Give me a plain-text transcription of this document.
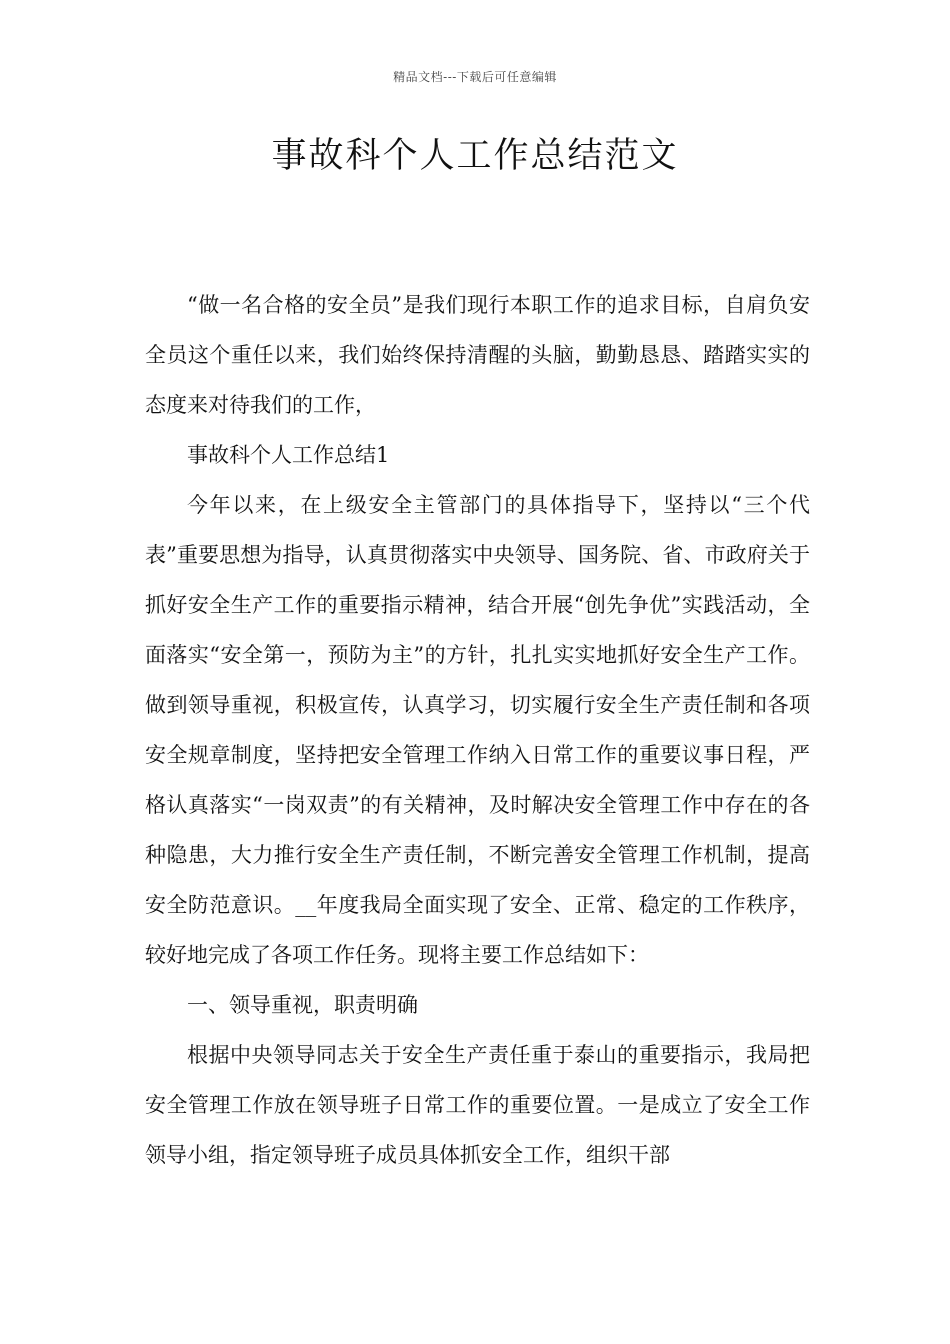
精品文档---下载后可任意编辑
事故科个人工作总结范文

“做一名合格的安全员”是我们现行本职工作的追求目标，自肩负安全员这个重任以来，我们始终保持清醒的头脑，勤勤恳恳、踏踏实实的态度来对待我们的工作，

事故科个人工作总结1

今年以来，在上级安全主管部门的具体指导下，坚持以“三个代表”重要思想为指导，认真贯彻落实中央领导、国务院、省、市政府关于抓好安全生产工作的重要指示精神，结合开展“创先争优”实践活动，全面落实“安全第一，预防为主”的方针，扎扎实实地抓好安全生产工作。做到领导重视，积极宣传，认真学习，切实履行安全生产责任制和各项安全规章制度，坚持把安全管理工作纳入日常工作的重要议事日程，严格认真落实“一岗双责”的有关精神，及时解决安全管理工作中存在的各种隐患，大力推行安全生产责任制，不断完善安全管理工作机制，提高安全防范意识。__年度我局全面实现了安全、正常、稳定的工作秩序，较好地完成了各项工作任务。现将主要工作总结如下：

一、领导重视，职责明确

根据中央领导同志关于安全生产责任重于泰山的重要指示，我局把安全管理工作放在领导班子日常工作的重要位置。一是成立了安全工作领导小组，指定领导班子成员具体抓安全工作，组织干部
